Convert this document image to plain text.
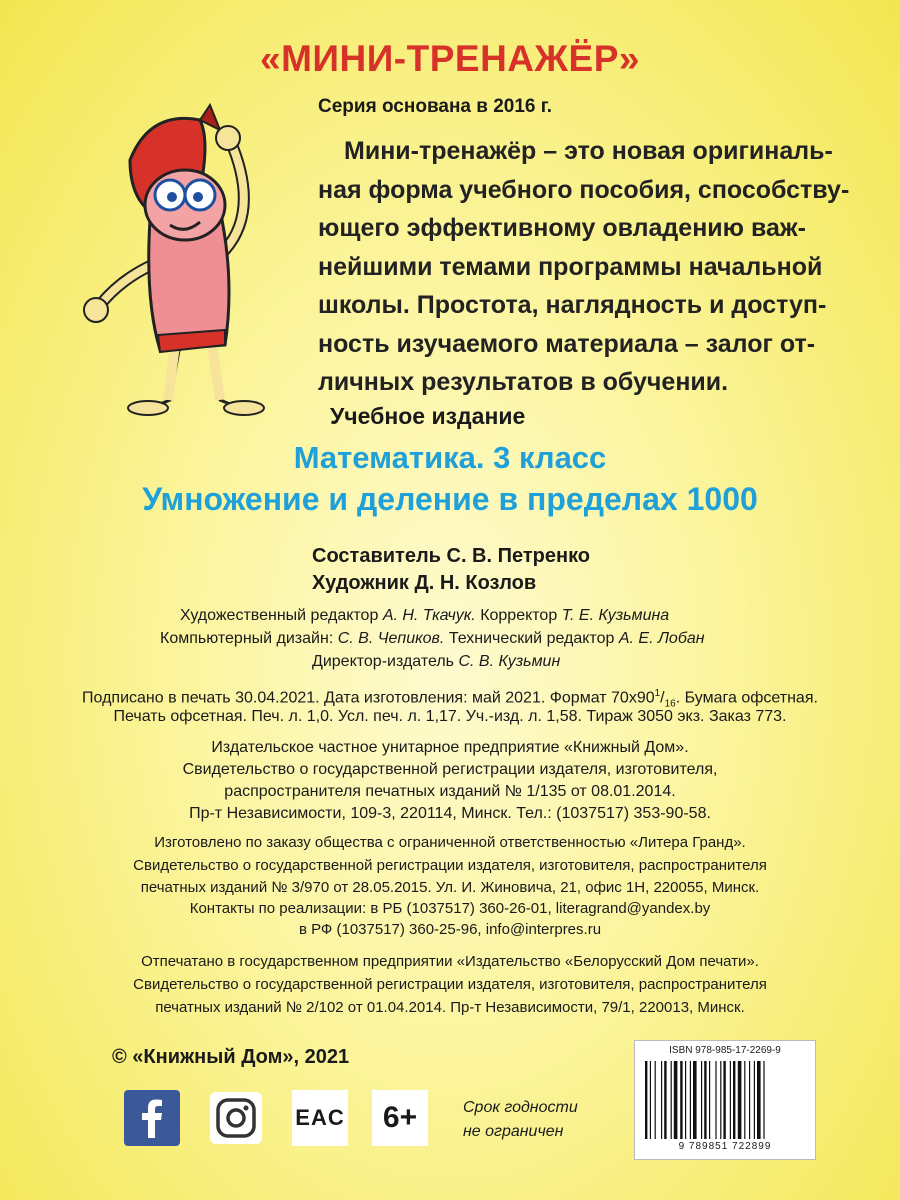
«МИНИ-ТРЕНАЖЁР»
Серия основана в 2016 г.
Мини-тренажёр – это новая оригиналь-
ная форма учебного пособия, способству-
ющего эффективному овладению важ-
нейшими темами программы начальной
школы. Простота, наглядность и доступ-
ность изучаемого материала – залог от-
личных результатов в обучении.
Учебное издание
Математика. 3 класс
Умножение и деление в пределах 1000
Составитель С. В. Петренко
Художник Д. Н. Козлов
Художественный редактор А. Н. Ткачук. Корректор Т. Е. Кузьмина
Компьютерный дизайн: С. В. Чепиков. Технический редактор А. Е. Лобан
Директор-издатель С. В. Кузьмин
Подписано в печать 30.04.2021. Дата изготовления: май 2021. Формат $70х90^1/_{16}$. Бумага офсетная.
Печать офсетная. Печ. л. 1,0. Усл. печ. л. 1,17. Уч.-изд. л. 1,58. Тираж 3050 экз. Заказ 773.
Издательское частное унитарное предприятие «Книжный Дом».
Свидетельство о государственной регистрации издателя, изготовителя,
распространителя печатных изданий № 1/135 от 08.01.2014.
Пр-т Независимости, 109-3, 220114, Минск. Тел.: (1037517) 353-90-58.
Изготовлено по заказу общества с ограниченной ответственностью «Литера Гранд».
Свидетельство о государственной регистрации издателя, изготовителя, распространителя
печатных изданий № 3/970 от 28.05.2015. Ул. И. Жиновича, 21, офис 1Н, 220055, Минск.
Контакты по реализации: в РБ (1037517) 360-26-01, literagrand@yandex.by
в РФ (1037517) 360-25-96, info@interpres.ru
Отпечатано в государственном предприятии «Издательство «Белорусский Дом печати».
Свидетельство о государственной регистрации издателя, изготовителя, распространителя
печатных изданий № 2/102 от 01.04.2014. Пр-т Независимости, 79/1, 220013, Минск.
© «Книжный Дом», 2021
EAC 6+	Срок годности
не ограничен
ISBN 978-985-17-2269-9
9 789851 722899
